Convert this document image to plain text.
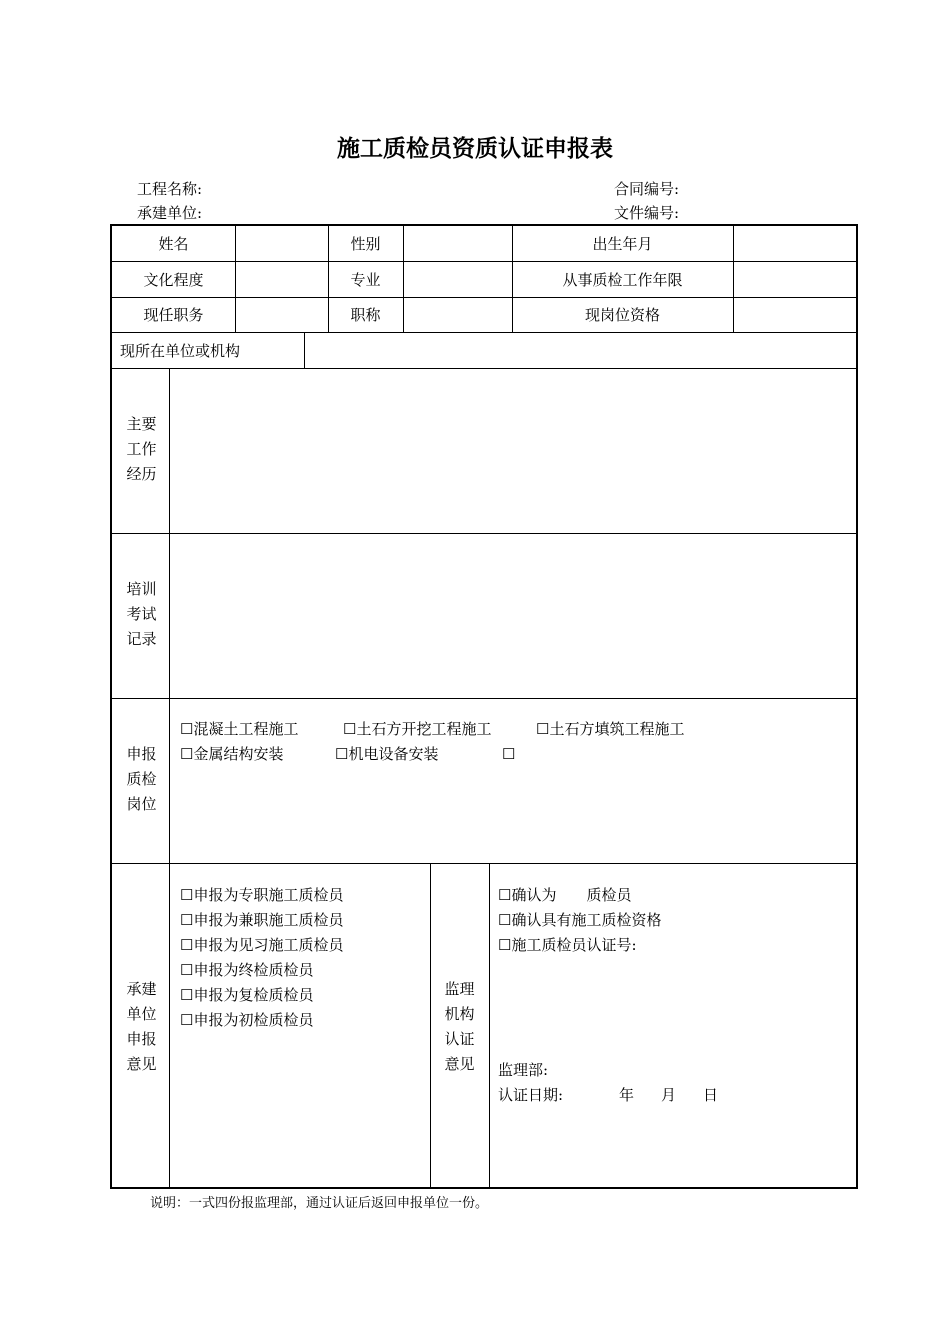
施工质检员资质认证申报表
工程名称:	合同编号:
承建单位:	文件编号:
姓名	性别	出生年月
文化程度	专业	从事质检工作年限
现任职务	职称	现岗位资格
现所在单位或机构
主要
工作
经历
培训
考试
记录
申报
质检
岗位
☐混凝土工程施工	☐土石方开挖工程施工	☐土石方填筑工程施工
☐金属结构安装	☐机电设备安装	☐
承建
单位
申报
意见
☐申报为专职施工质检员
☐申报为兼职施工质检员
☐申报为见习施工质检员
☐申报为终检质检员
☐申报为复检质检员
☐申报为初检质检员
监理
机构
认证
意见
☐确认为 质检员
☐确认具有施工质检资格
☐施工质检员认证号:
监理部:
认证日期:	年 月 日
说明：一式四份报监理部，通过认证后返回申报单位一份。
